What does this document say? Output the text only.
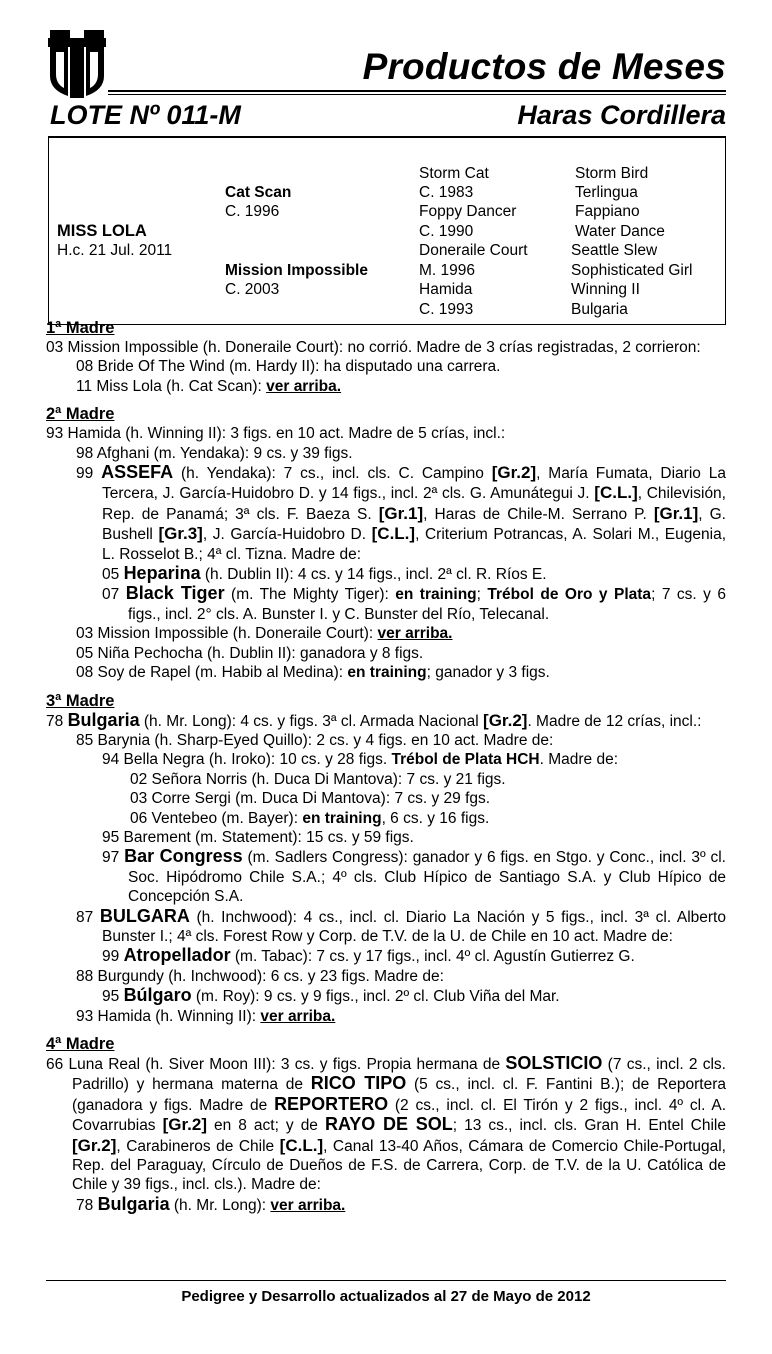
Productos de Meses
LOTE Nº 011-M	Haras Cordillera
MISS LOLA
H.c. 21 Jul. 2011
Cat Scan
C. 1996
Mission Impossible
C. 2003
Storm Cat
C. 1983
Foppy Dancer
C. 1990
Doneraile Court
M. 1996
Hamida
C. 1993
Storm Bird
Terlingua
Fappiano
Water Dance
Seattle Slew
Sophisticated Girl
Winning II
Bulgaria
1ª Madre
03 Mission Impossible (h. Doneraile Court): no corrió. Madre de 3 crías registradas, 2 corrieron:
08 Bride Of The Wind (m. Hardy II): ha disputado una carrera.
11 Miss Lola (h. Cat Scan): ver arriba.
2ª Madre
93 Hamida (h. Winning II): 3 figs. en 10 act. Madre de 5 crías, incl.:
98 Afghani (m. Yendaka): 9 cs. y 39 figs.
99 ASSEFA (h. Yendaka): 7 cs., incl. cls. C. Campino [Gr.2], María Fumata, Diario La Tercera, J. García-Huidobro D. y 14 figs., incl. 2ª cls. G. Amunátegui J. [C.L.], Chilevisión, Rep. de Panamá; 3ª cls. F. Baeza S. [Gr.1], Haras de Chile-M. Serrano P. [Gr.1], G. Bushell [Gr.3], J. García-Huidobro D. [C.L.], Criterium Potrancas, A. Solari M., Eugenia, L. Rosselot B.; 4ª cl. Tizna. Madre de:
05 Heparina (h. Dublin II): 4 cs. y 14 figs., incl. 2ª cl. R. Ríos E.
07 Black Tiger (m. The Mighty Tiger): en training; Trébol de Oro y Plata; 7 cs. y 6 figs., incl. 2° cls. A. Bunster I. y C. Bunster del Río, Telecanal.
03 Mission Impossible (h. Doneraile Court): ver arriba.
05 Niña Pechocha (h. Dublin II): ganadora y 8 figs.
08 Soy de Rapel (m. Habib al Medina): en training; ganador y 3 figs.
3ª Madre
78 Bulgaria (h. Mr. Long): 4 cs. y figs. 3ª cl. Armada Nacional [Gr.2]. Madre de 12 crías, incl.:
85 Barynia (h. Sharp-Eyed Quillo): 2 cs. y 4 figs. en 10 act. Madre de:
94 Bella Negra (h. Iroko): 10 cs. y 28 figs. Trébol de Plata HCH. Madre de:
02 Señora Norris (h. Duca Di Mantova): 7 cs. y 21 figs.
03 Corre Sergi (m. Duca Di Mantova): 7 cs. y 29 fgs.
06 Ventebeo (m. Bayer): en training, 6 cs. y 16 figs.
95 Barement (m. Statement): 15 cs. y 59 figs.
97 Bar Congress (m. Sadlers Congress): ganador y 6 figs. en Stgo. y Conc., incl. 3º cl. Soc. Hipódromo Chile S.A.; 4º cls. Club Hípico de Santiago S.A. y Club Hípico de Concepción S.A.
87 BULGARA (h. Inchwood): 4 cs., incl. cl. Diario La Nación y 5 figs., incl. 3ª cl. Alberto Bunster I.; 4ª cls. Forest Row y Corp. de T.V. de la U. de Chile en 10 act. Madre de:
99 Atropellador (m. Tabac): 7 cs. y 17 figs., incl. 4º cl. Agustín Gutierrez G.
88 Burgundy (h. Inchwood): 6 cs. y 23 figs. Madre de:
95 Búlgaro (m. Roy): 9 cs. y 9 figs., incl. 2º cl. Club Viña del Mar.
93 Hamida (h. Winning II): ver arriba.
4ª Madre
66 Luna Real (h. Siver Moon III): 3 cs. y figs. Propia hermana de SOLSTICIO (7 cs., incl. 2 cls. Padrillo) y hermana materna de RICO TIPO (5 cs., incl. cl. F. Fantini B.); de Reportera (ganadora y figs. Madre de REPORTERO (2 cs., incl. cl. El Tirón y 2 figs., incl. 4º cl. A. Covarrubias [Gr.2] en 8 act; y de RAYO DE SOL; 13 cs., incl. cls. Gran H. Entel Chile [Gr.2], Carabineros de Chile [C.L.], Canal 13-40 Años, Cámara de Comercio Chile-Portugal, Rep. del Paraguay, Círculo de Dueños de F.S. de Carrera, Corp. de T.V. de la U. Católica de Chile y 39 figs., incl. cls.). Madre de:
78 Bulgaria (h. Mr. Long): ver arriba.
Pedigree y Desarrollo actualizados al 27 de Mayo de 2012
